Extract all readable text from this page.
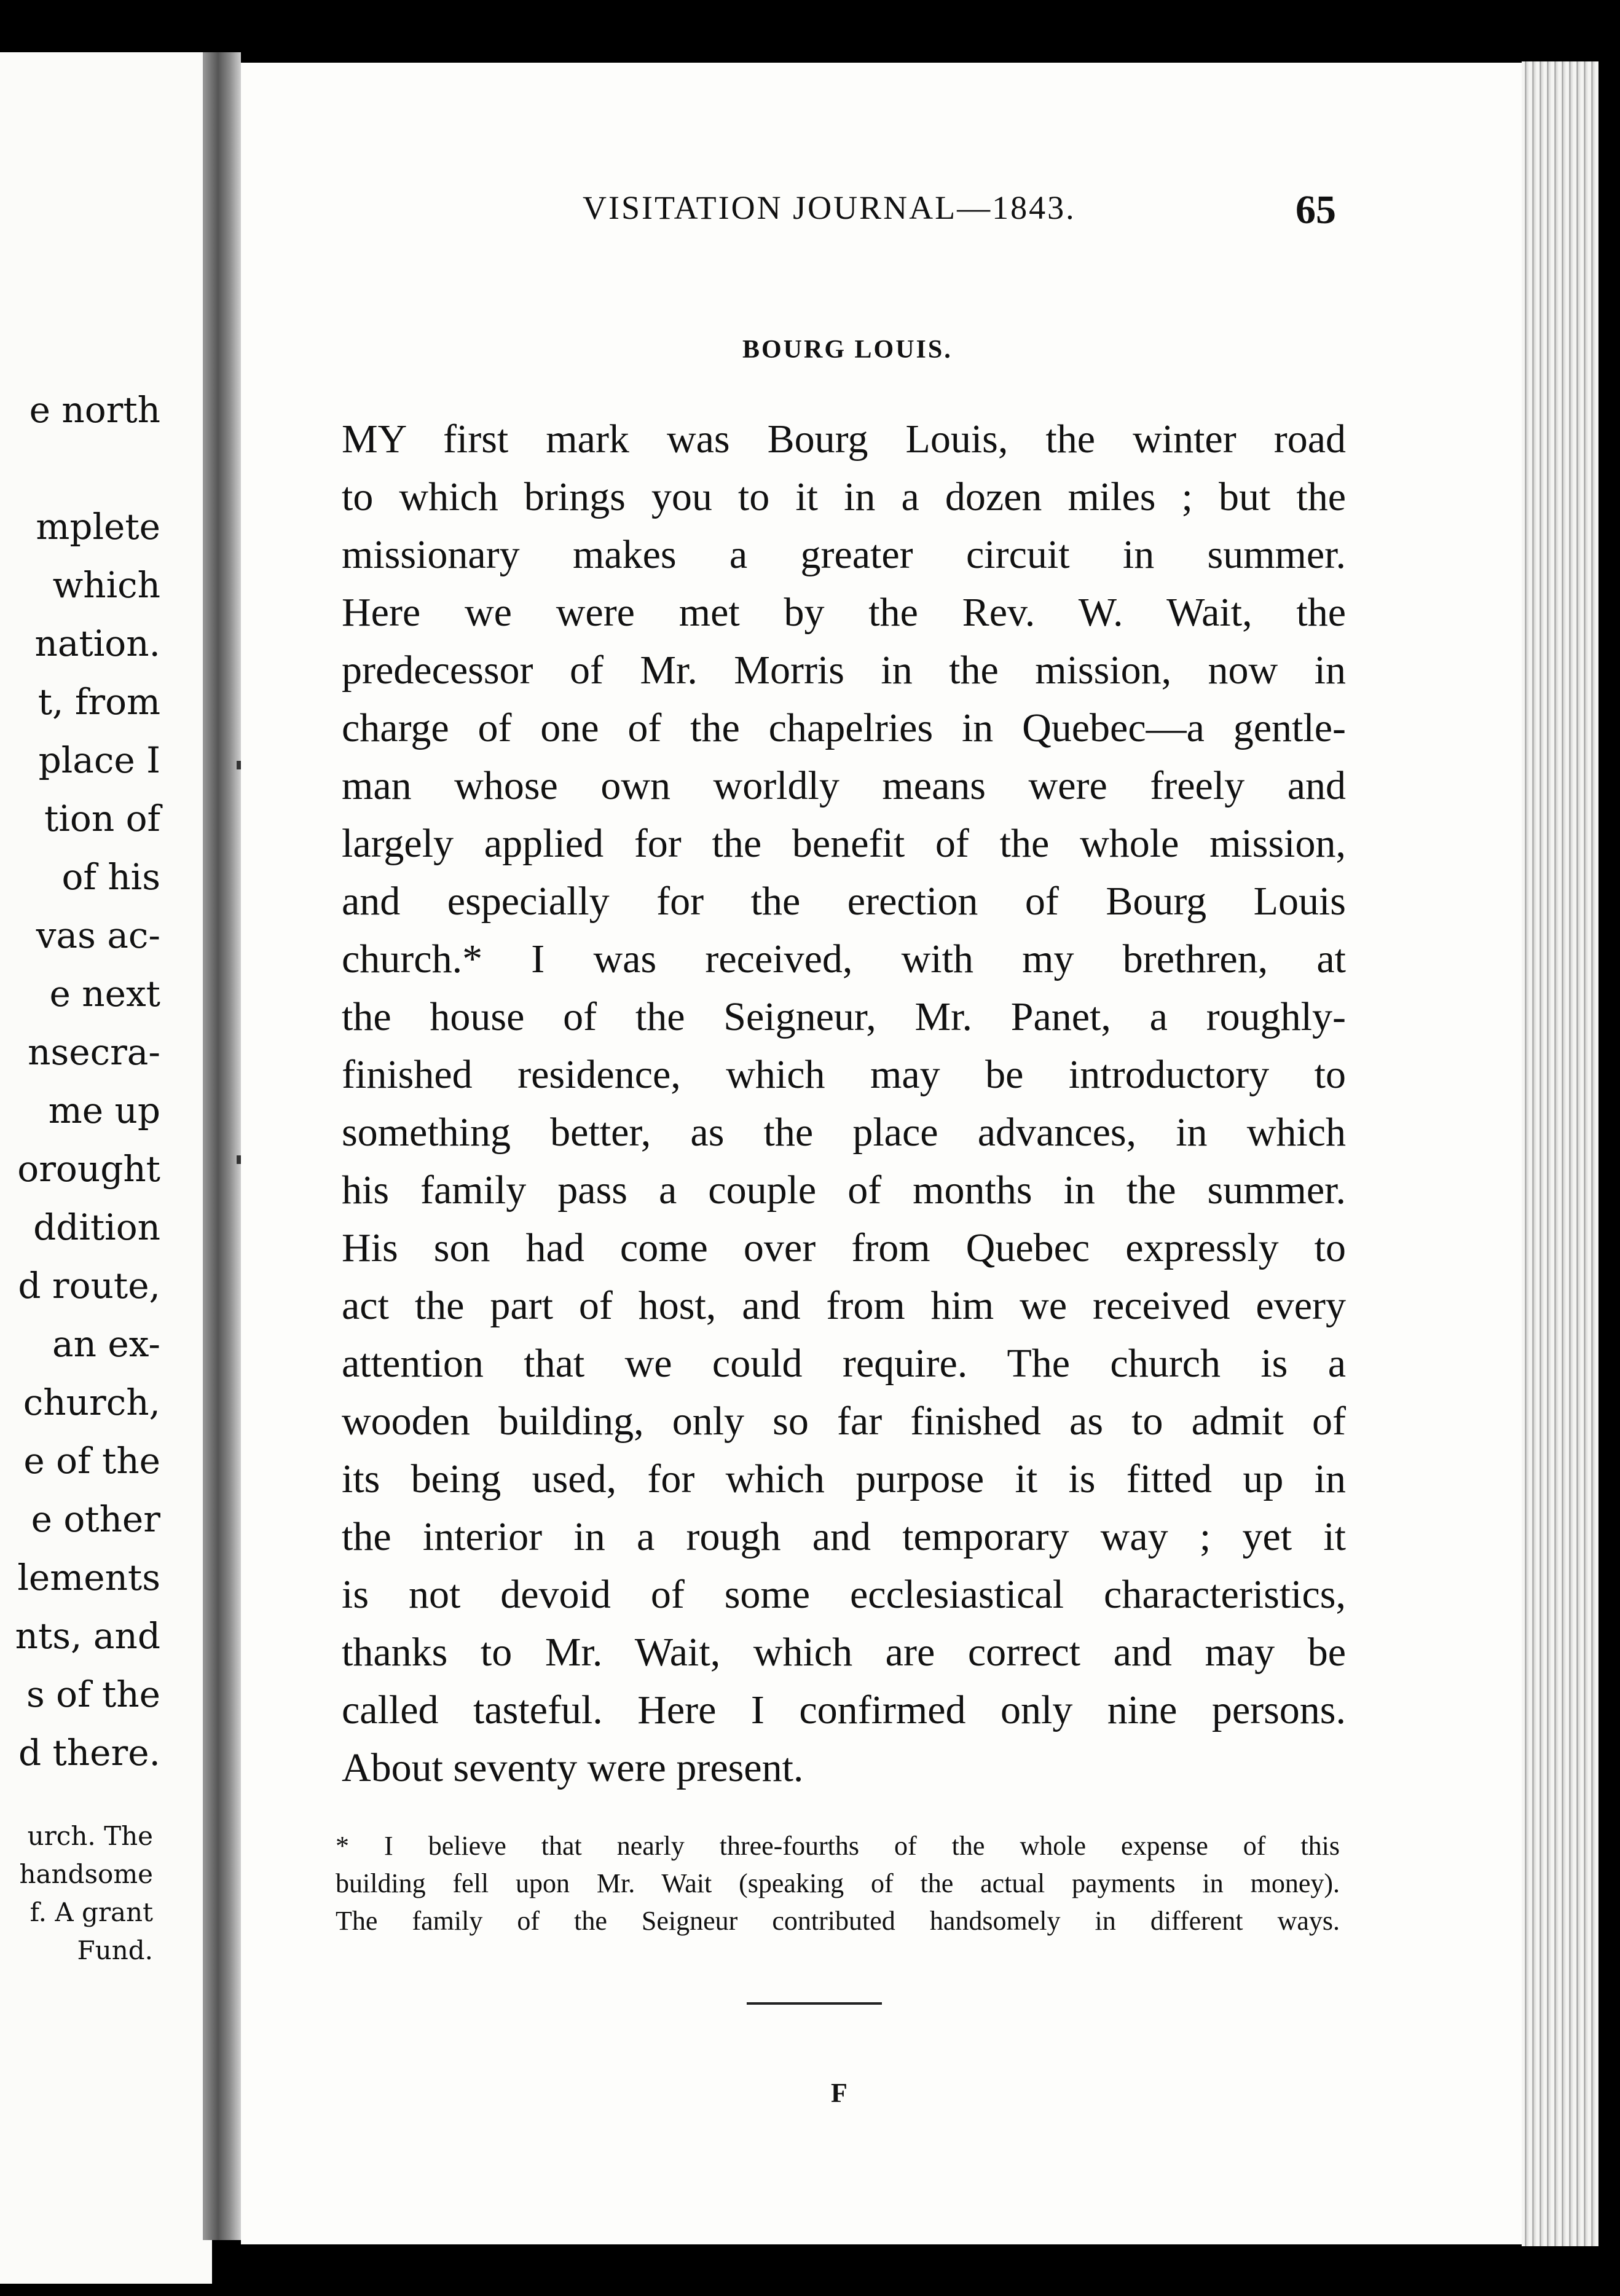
e north
mplete
which
nation.
t, from
place I
tion of
of his
vas ac-
e next
nsecra-
me up
orought
ddition
d route,
an ex-
church,
e of the
e other
lements
nts, and
s of the
d there.
urch. The
handsome
f. A grant
Fund.
VISITATION JOURNAL—1843.	65
BOURG LOUIS.
MY first mark was Bourg Louis, the winter road
to which brings you to it in a dozen miles ; but the
missionary makes a greater circuit in summer.
Here we were met by the Rev. W. Wait, the
predecessor of Mr. Morris in the mission, now in
charge of one of the chapelries in Quebec—a gentle-
man whose own worldly means were freely and
largely applied for the benefit of the whole mission,
and especially for the erection of Bourg Louis
church.* I was received, with my brethren, at
the house of the Seigneur, Mr. Panet, a roughly-
finished residence, which may be introductory to
something better, as the place advances, in which
his family pass a couple of months in the summer.
His son had come over from Quebec expressly to
act the part of host, and from him we received every
attention that we could require. The church is a
wooden building, only so far finished as to admit of
its being used, for which purpose it is fitted up in
the interior in a rough and temporary way ; yet it
is not devoid of some ecclesiastical characteristics,
thanks to Mr. Wait, which are correct and may be
called tasteful. Here I confirmed only nine persons.
About seventy were present.
* I believe that nearly three-fourths of the whole expense of this
building fell upon Mr. Wait (speaking of the actual payments in money).
The family of the Seigneur contributed handsomely in different ways.
F
